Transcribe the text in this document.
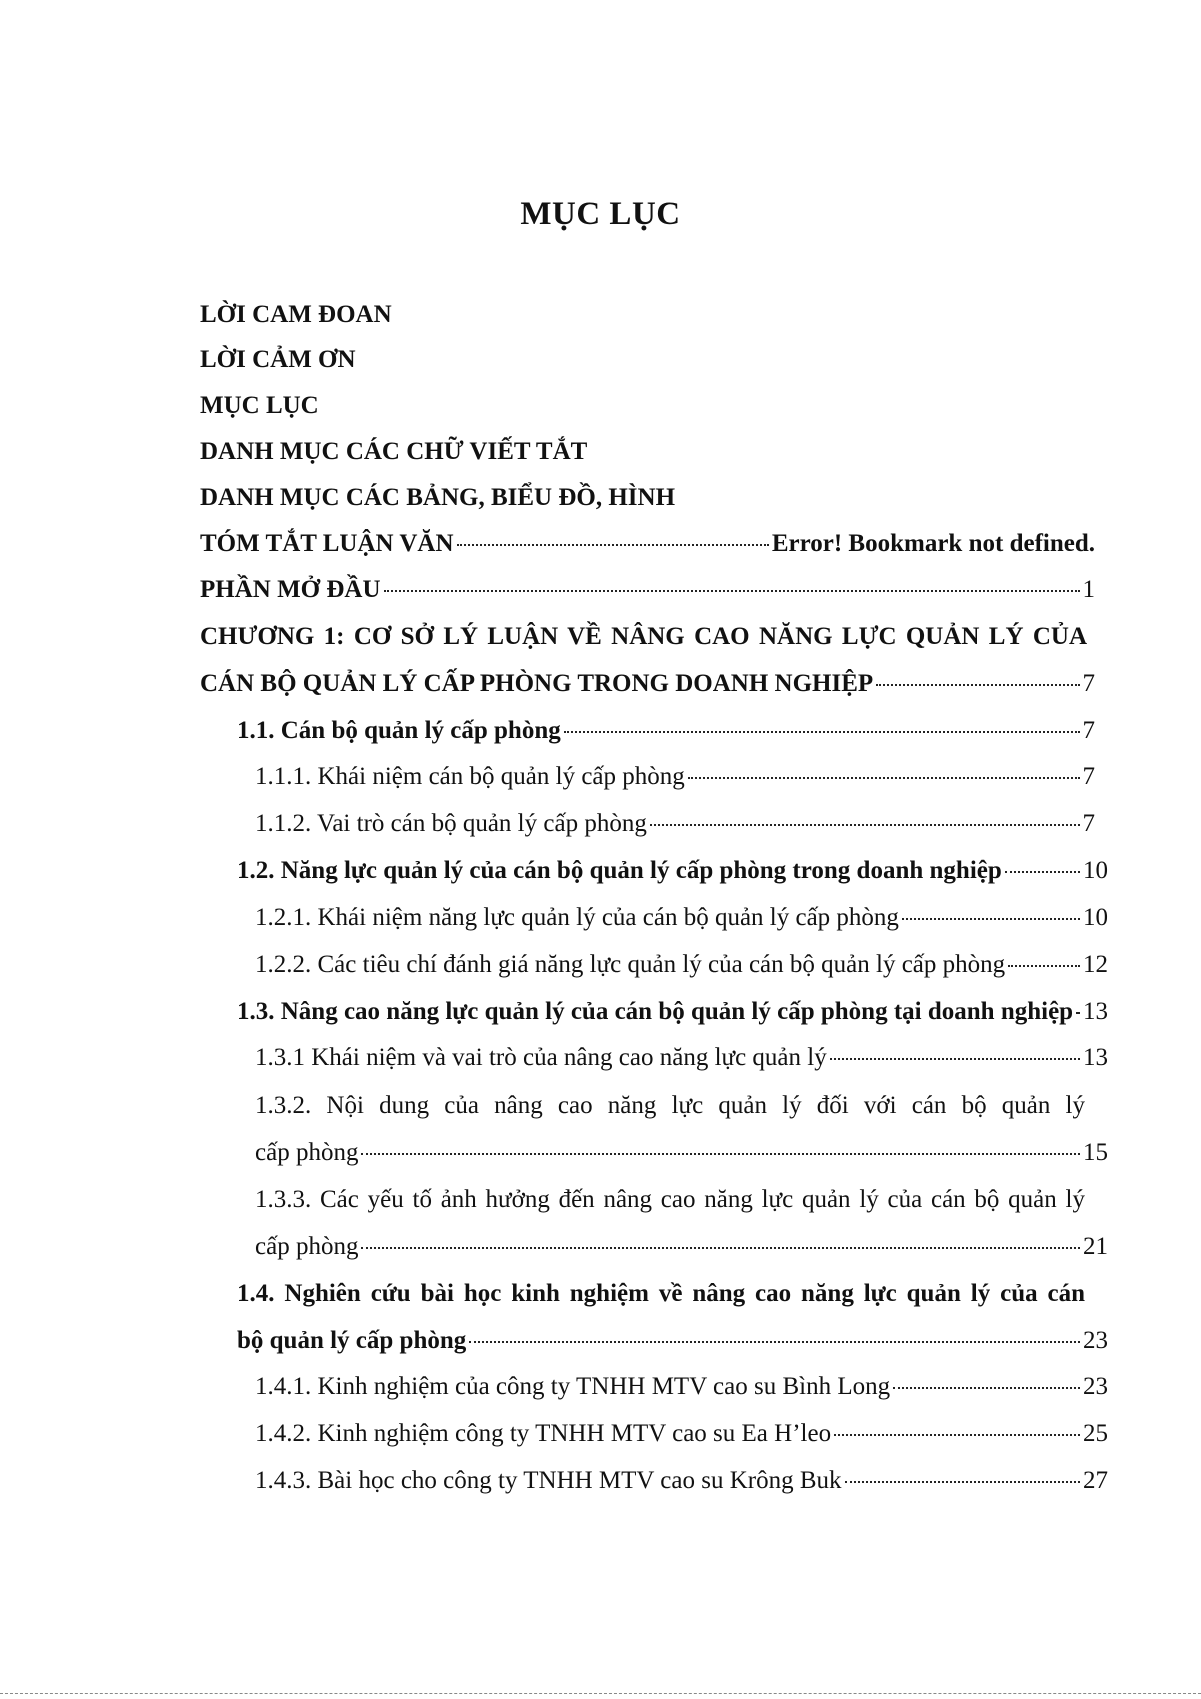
MỤC LỤC
LỜI CAM ĐOAN
LỜI CẢM ƠN
MỤC LỤC
DANH MỤC CÁC CHỮ VIẾT TẮT
DANH MỤC CÁC BẢNG, BIỂU ĐỒ, HÌNH
TÓM TẮT LUẬN VĂN	Error! Bookmark not defined.
PHẦN MỞ ĐẦU	1
CHƯƠNG 1: CƠ SỞ LÝ LUẬN VỀ NÂNG CAO NĂNG LỰC QUẢN LÝ CỦA
CÁN BỘ QUẢN LÝ CẤP PHÒNG TRONG DOANH NGHIỆP	7
1.1. Cán bộ quản lý cấp phòng	7
1.1.1. Khái niệm cán bộ quản lý cấp phòng	7
1.1.2. Vai trò cán bộ quản lý cấp phòng	7
1.2. Năng lực quản lý của cán bộ quản lý cấp phòng trong doanh nghiệp	10
1.2.1. Khái niệm năng lực quản lý của cán bộ quản lý cấp phòng	10
1.2.2. Các tiêu chí đánh giá năng lực quản lý của cán bộ quản lý cấp phòng	12
1.3. Nâng cao năng lực quản lý của cán bộ quản lý cấp phòng tại doanh nghiệp 13
1.3.1 Khái niệm và vai trò của nâng cao năng lực quản lý	13
1.3.2. Nội dung của nâng cao năng lực quản lý đối với cán bộ quản lý
cấp phòng	15
1.3.3. Các yếu tố ảnh hưởng đến nâng cao năng lực quản lý của cán bộ quản lý
cấp phòng	21
1.4. Nghiên cứu bài học kinh nghiệm về nâng cao năng lực quản lý của cán
bộ quản lý cấp phòng	23
1.4.1. Kinh nghiệm của công ty TNHH MTV cao su Bình Long	23
1.4.2. Kinh nghiệm công ty TNHH MTV cao su Ea H’leo	25
1.4.3. Bài học cho công ty TNHH MTV cao su Krông Buk	27
